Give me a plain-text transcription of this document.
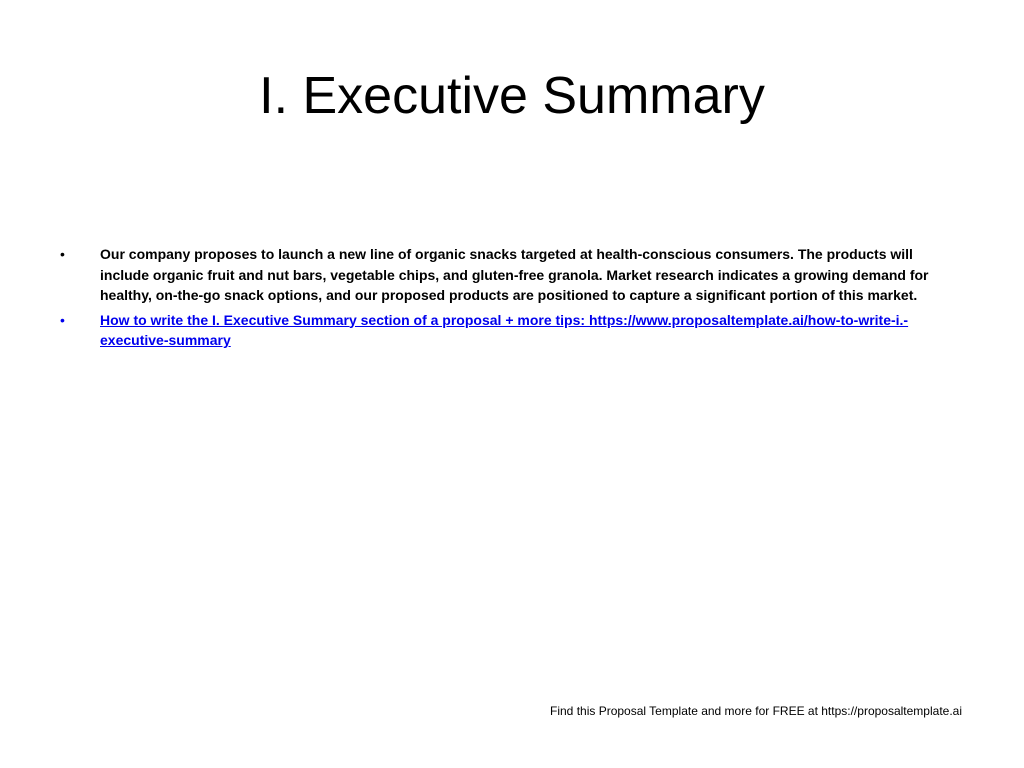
I. Executive Summary
•	Our company proposes to launch a new line of organic snacks targeted at health-conscious consumers. The products will include organic fruit and nut bars, vegetable chips, and gluten-free granola. Market research indicates a growing demand for healthy, on-the-go snack options, and our proposed products are positioned to capture a significant portion of this market.
•	How to write the I. Executive Summary section of a proposal + more tips: https://www.proposaltemplate.ai/how-to-write-i.-executive-summary
Find this Proposal Template and more for FREE at https://proposaltemplate.ai
